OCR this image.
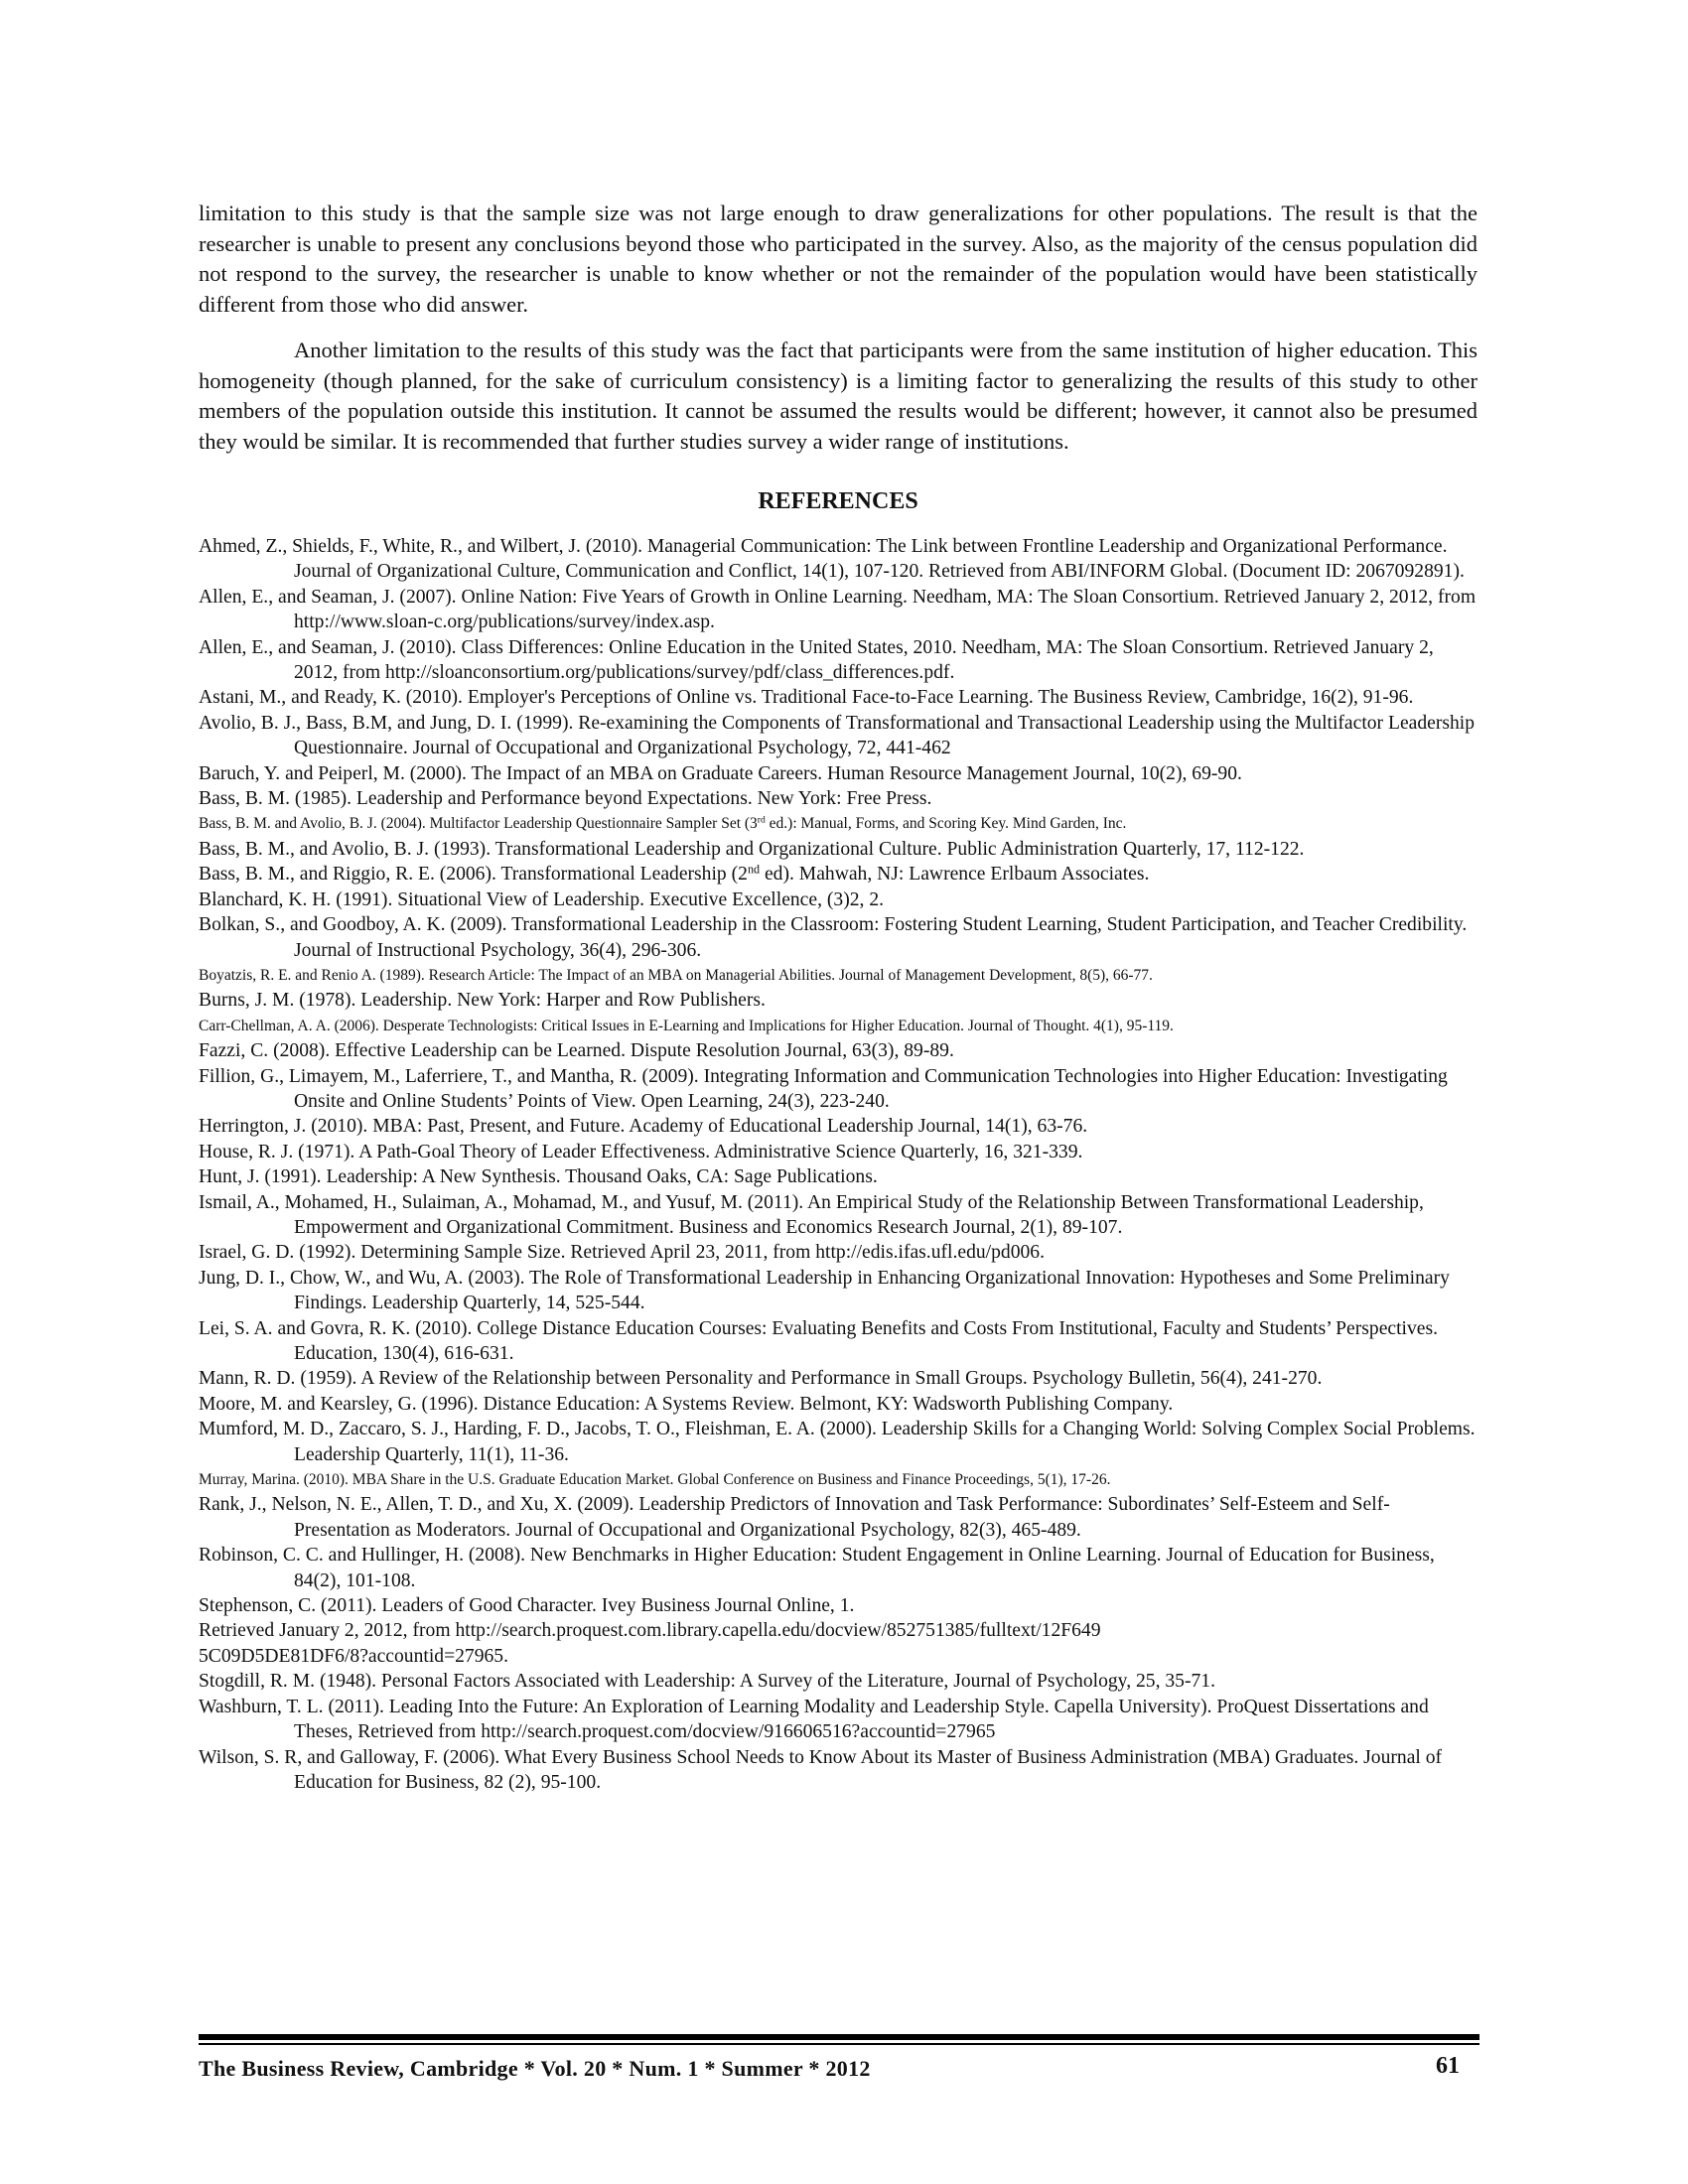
limitation to this study is that the sample size was not large enough to draw generalizations for other populations. The result is that the researcher is unable to present any conclusions beyond those who participated in the survey. Also, as the majority of the census population did not respond to the survey, the researcher is unable to know whether or not the remainder of the population would have been statistically different from those who did answer.

Another limitation to the results of this study was the fact that participants were from the same institution of higher education. This homogeneity (though planned, for the sake of curriculum consistency) is a limiting factor to generalizing the results of this study to other members of the population outside this institution. It cannot be assumed the results would be different; however, it cannot also be presumed they would be similar. It is recommended that further studies survey a wider range of institutions.

REFERENCES
Ahmed, Z., Shields, F., White, R., and Wilbert, J. (2010). Managerial Communication: The Link between Frontline Leadership and Organizational Performance. Journal of Organizational Culture, Communication and Conflict, 14(1), 107-120. Retrieved from ABI/INFORM Global. (Document ID: 2067092891).
Allen, E., and Seaman, J. (2007). Online Nation: Five Years of Growth in Online Learning. Needham, MA: The Sloan Consortium. Retrieved January 2, 2012, from http://www.sloan-c.org/publications/survey/index.asp.
Allen, E., and Seaman, J. (2010). Class Differences: Online Education in the United States, 2010. Needham, MA: The Sloan Consortium. Retrieved January 2, 2012, from http://sloanconsortium.org/publications/survey/pdf/class_differences.pdf.
Astani, M., and Ready, K. (2010). Employer's Perceptions of Online vs. Traditional Face-to-Face Learning. The Business Review, Cambridge, 16(2), 91-96.
Avolio, B. J., Bass, B.M, and Jung, D. I. (1999). Re-examining the Components of Transformational and Transactional Leadership using the Multifactor Leadership Questionnaire. Journal of Occupational and Organizational Psychology, 72, 441-462
Baruch, Y. and Peiperl, M. (2000). The Impact of an MBA on Graduate Careers. Human Resource Management Journal, 10(2), 69-90.
Bass, B. M. (1985). Leadership and Performance beyond Expectations. New York: Free Press.
Bass, B. M. and Avolio, B. J. (2004). Multifactor Leadership Questionnaire Sampler Set (3rd ed.): Manual, Forms, and Scoring Key. Mind Garden, Inc.
Bass, B. M., and Avolio, B. J. (1993). Transformational Leadership and Organizational Culture. Public Administration Quarterly, 17, 112-122.
Bass, B. M., and Riggio, R. E. (2006). Transformational Leadership (2nd ed). Mahwah, NJ: Lawrence Erlbaum Associates.
Blanchard, K. H. (1991). Situational View of Leadership. Executive Excellence, (3)2, 2.
Bolkan, S., and Goodboy, A. K. (2009). Transformational Leadership in the Classroom: Fostering Student Learning, Student Participation, and Teacher Credibility. Journal of Instructional Psychology, 36(4), 296-306.
Boyatzis, R. E. and Renio A. (1989). Research Article: The Impact of an MBA on Managerial Abilities. Journal of Management Development, 8(5), 66-77.
Burns, J. M. (1978). Leadership. New York: Harper and Row Publishers.
Carr-Chellman, A. A. (2006). Desperate Technologists: Critical Issues in E-Learning and Implications for Higher Education. Journal of Thought. 4(1), 95-119.
Fazzi, C. (2008). Effective Leadership can be Learned. Dispute Resolution Journal, 63(3), 89-89.
Fillion, G., Limayem, M., Laferriere, T., and Mantha, R. (2009). Integrating Information and Communication Technologies into Higher Education: Investigating Onsite and Online Students’ Points of View. Open Learning, 24(3), 223-240.
Herrington, J. (2010). MBA: Past, Present, and Future. Academy of Educational Leadership Journal, 14(1), 63-76.
House, R. J. (1971). A Path-Goal Theory of Leader Effectiveness. Administrative Science Quarterly, 16, 321-339.
Hunt, J. (1991). Leadership: A New Synthesis. Thousand Oaks, CA: Sage Publications.
Ismail, A., Mohamed, H., Sulaiman, A., Mohamad, M., and Yusuf, M. (2011). An Empirical Study of the Relationship Between Transformational Leadership, Empowerment and Organizational Commitment. Business and Economics Research Journal, 2(1), 89-107.
Israel, G. D. (1992). Determining Sample Size. Retrieved April 23, 2011, from http://edis.ifas.ufl.edu/pd006.
Jung, D. I., Chow, W., and Wu, A. (2003). The Role of Transformational Leadership in Enhancing Organizational Innovation: Hypotheses and Some Preliminary Findings. Leadership Quarterly, 14, 525-544.
Lei, S. A. and Govra, R. K. (2010). College Distance Education Courses: Evaluating Benefits and Costs From Institutional, Faculty and Students’ Perspectives. Education, 130(4), 616-631.
Mann, R. D. (1959). A Review of the Relationship between Personality and Performance in Small Groups. Psychology Bulletin, 56(4), 241-270.
Moore, M. and Kearsley, G. (1996). Distance Education: A Systems Review. Belmont, KY: Wadsworth Publishing Company.
Mumford, M. D., Zaccaro, S. J., Harding, F. D., Jacobs, T. O., Fleishman, E. A. (2000). Leadership Skills for a Changing World: Solving Complex Social Problems. Leadership Quarterly, 11(1), 11-36.
Murray, Marina. (2010). MBA Share in the U.S. Graduate Education Market. Global Conference on Business and Finance Proceedings, 5(1), 17-26.
Rank, J., Nelson, N. E., Allen, T. D., and Xu, X. (2009). Leadership Predictors of Innovation and Task Performance: Subordinates’ Self-Esteem and Self-Presentation as Moderators. Journal of Occupational and Organizational Psychology, 82(3), 465-489.
Robinson, C. C. and Hullinger, H. (2008). New Benchmarks in Higher Education: Student Engagement in Online Learning. Journal of Education for Business, 84(2), 101-108.
Stephenson, C. (2011). Leaders of Good Character. Ivey Business Journal Online, 1.
Retrieved January 2, 2012, from http://search.proquest.com.library.capella.edu/docview/852751385/fulltext/12F649
5C09D5DE81DF6/8?accountid=27965.
Stogdill, R. M. (1948). Personal Factors Associated with Leadership: A Survey of the Literature, Journal of Psychology, 25, 35-71.
Washburn, T. L. (2011). Leading Into the Future: An Exploration of Learning Modality and Leadership Style. Capella University). ProQuest Dissertations and Theses, Retrieved from http://search.proquest.com/docview/916606516?accountid=27965
Wilson, S. R, and Galloway, F. (2006). What Every Business School Needs to Know About its Master of Business Administration (MBA) Graduates. Journal of Education for Business, 82 (2), 95-100.
The Business Review, Cambridge * Vol. 20 * Num. 1 * Summer * 2012	61
